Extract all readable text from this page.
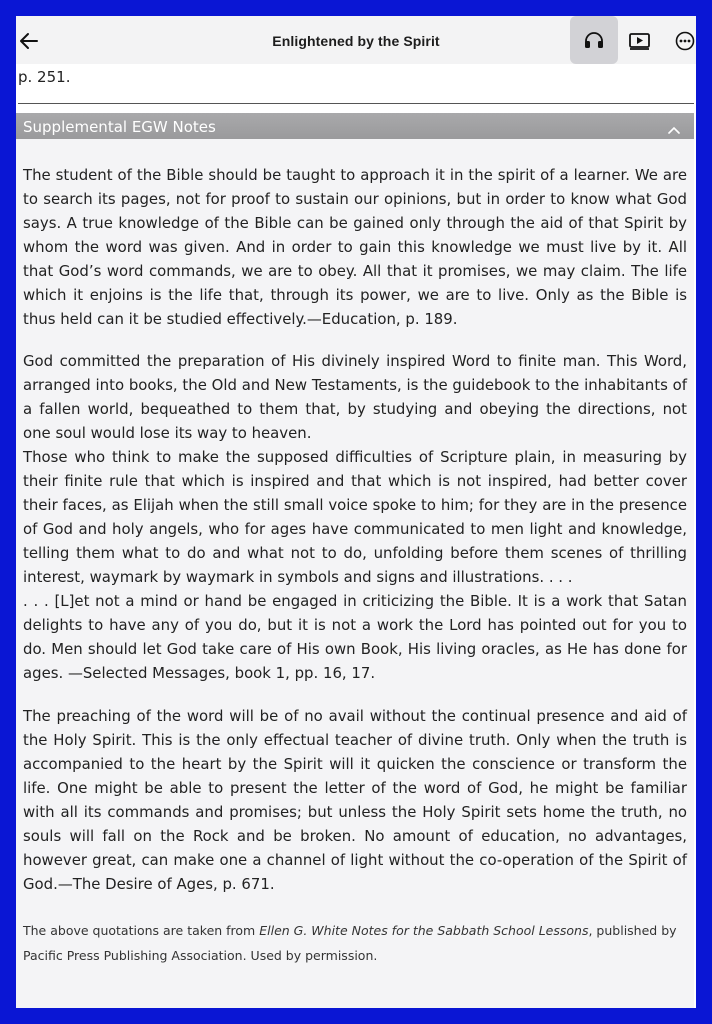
Enlightened by the Spirit
p. 251.
Supplemental EGW Notes
The student of the Bible should be taught to approach it in the spirit of a learner. We are to search its pages, not for proof to sustain our opinions, but in order to know what God says. A true knowledge of the Bible can be gained only through the aid of that Spirit by whom the word was given. And in order to gain this knowledge we must live by it. All that God’s word commands, we are to obey. All that it promises, we may claim. The life which it enjoins is the life that, through its power, we are to live. Only as the Bible is thus held can it be studied effectively.—Education, p. 189.
God committed the preparation of His divinely inspired Word to finite man. This Word, arranged into books, the Old and New Testaments, is the guidebook to the inhabitants of a fallen world, bequeathed to them that, by studying and obeying the directions, not one soul would lose its way to heaven.
Those who think to make the supposed difficulties of Scripture plain, in measuring by their finite rule that which is inspired and that which is not inspired, had better cover their faces, as Elijah when the still small voice spoke to him; for they are in the presence of God and holy angels, who for ages have communicated to men light and knowledge, telling them what to do and what not to do, unfolding before them scenes of thrilling interest, waymark by waymark in symbols and signs and illustrations. . . .
. . . [L]et not a mind or hand be engaged in criticizing the Bible. It is a work that Satan delights to have any of you do, but it is not a work the Lord has pointed out for you to do. Men should let God take care of His own Book, His living oracles, as He has done for ages. —Selected Messages, book 1, pp. 16, 17.
The preaching of the word will be of no avail without the continual presence and aid of the Holy Spirit. This is the only effectual teacher of divine truth. Only when the truth is accompanied to the heart by the Spirit will it quicken the conscience or transform the life. One might be able to present the letter of the word of God, he might be familiar with all its commands and promises; but unless the Holy Spirit sets home the truth, no souls will fall on the Rock and be broken. No amount of education, no advantages, however great, can make one a channel of light without the co-operation of the Spirit of God.—The Desire of Ages, p. 671.
The above quotations are taken from Ellen G. White Notes for the Sabbath School Lessons, published by Pacific Press Publishing Association. Used by permission.
